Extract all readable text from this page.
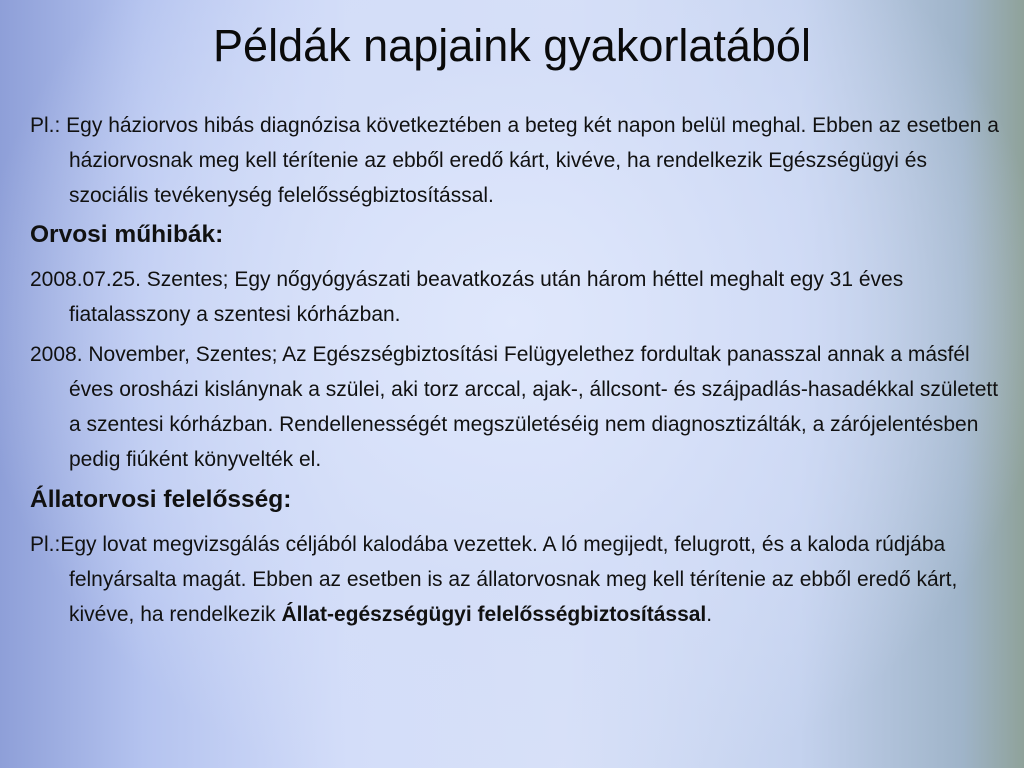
Példák napjaink gyakorlatából

Pl.: Egy háziorvos hibás diagnózisa következtében a beteg két napon belül meghal. Ebben az esetben a háziorvosnak meg kell térítenie az ebből eredő kárt, kivéve, ha rendelkezik Egészségügyi és szociális tevékenység felelősségbiztosítással.

Orvosi műhibák:

2008.07.25. Szentes; Egy nőgyógyászati beavatkozás után három héttel meghalt egy 31 éves fiatalasszony a szentesi kórházban.

2008. November, Szentes; Az Egészségbiztosítási Felügyelethez fordultak panasszal annak a másfél éves orosházi kislánynak a szülei, aki torz arccal, ajak-, állcsont- és szájpadlás-hasadékkal született a szentesi kórházban. Rendellenességét megszületéséig nem diagnosztizálták, a zárójelentésben pedig fiúként könyvelték el.

Állatorvosi felelősség:

Pl.:Egy lovat megvizsgálás céljából kalodába vezettek. A ló megijedt, felugrott, és a kaloda rúdjába felnyársalta magát. Ebben az esetben is az állatorvosnak meg kell térítenie az ebből eredő kárt, kivéve, ha rendelkezik Állat-egészségügyi felelősségbiztosítással.
